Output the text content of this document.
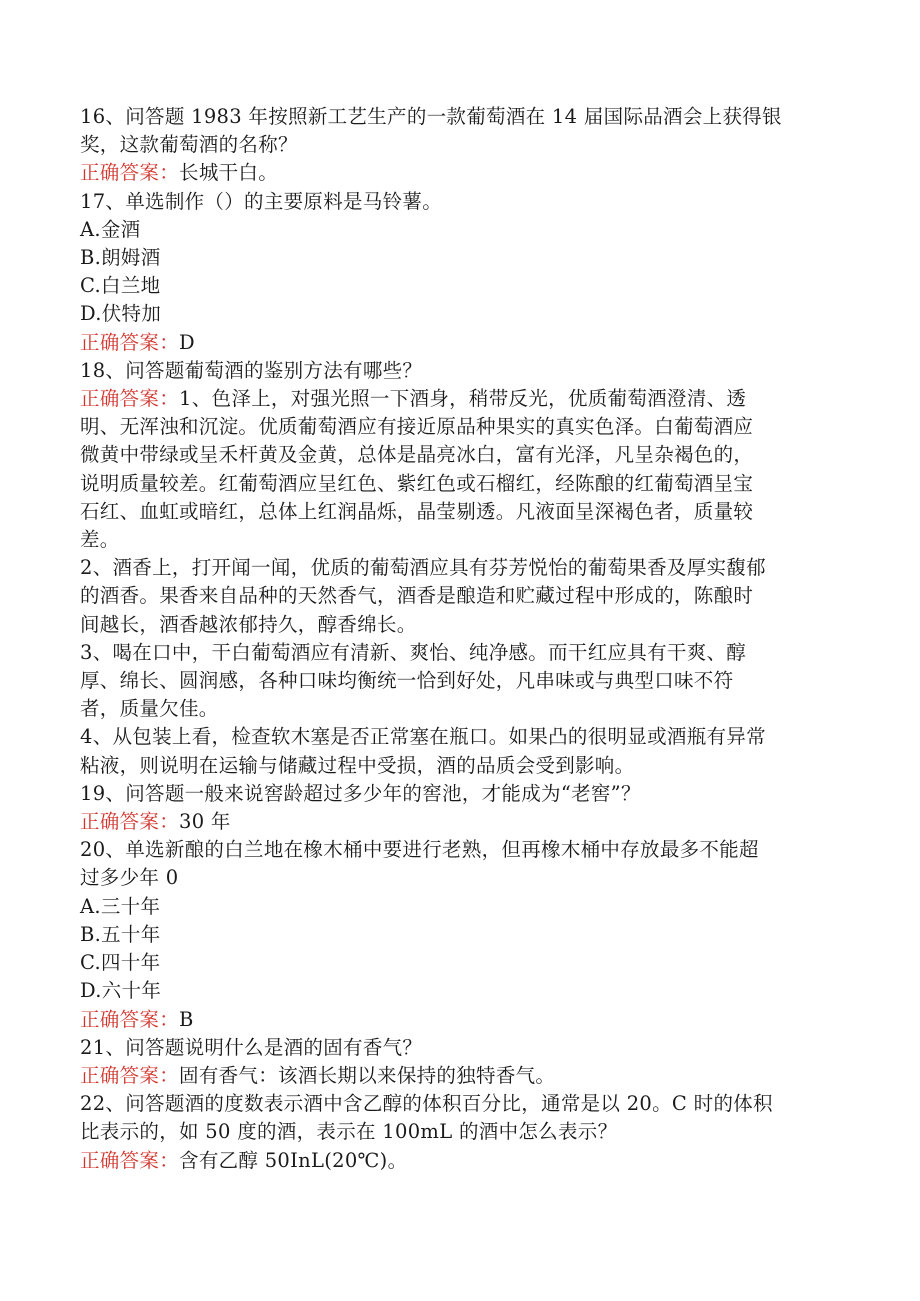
16、问答题 1983 年按照新工艺生产的一款葡萄酒在 14 届国际品酒会上获得银
奖，这款葡萄酒的名称？
正确答案：长城干白。
17、单选制作（）的主要原料是马铃薯。
A.金酒
B.朗姆酒
C.白兰地
D.伏特加
正确答案：D
18、问答题葡萄酒的鉴别方法有哪些？
正确答案：1、色泽上，对强光照一下酒身，稍带反光，优质葡萄酒澄清、透
明、无浑浊和沉淀。优质葡萄酒应有接近原品种果实的真实色泽。白葡萄酒应
微黄中带绿或呈禾杆黄及金黄，总体是晶亮冰白，富有光泽，凡呈杂褐色的，
说明质量较差。红葡萄酒应呈红色、紫红色或石榴红，经陈酿的红葡萄酒呈宝
石红、血虹或暗红，总体上红润晶烁，晶莹剔透。凡液面呈深褐色者，质量较
差。
2、酒香上，打开闻一闻，优质的葡萄酒应具有芬芳悦怡的葡萄果香及厚实馥郁
的酒香。果香来自品种的天然香气，酒香是酿造和贮藏过程中形成的，陈酿时
间越长，酒香越浓郁持久，醇香绵长。
3、喝在口中，干白葡萄酒应有清新、爽怡、纯净感。而干红应具有干爽、醇
厚、绵长、圆润感，各种口味均衡统一恰到好处，凡串味或与典型口味不符
者，质量欠佳。
4、从包装上看，检查软木塞是否正常塞在瓶口。如果凸的很明显或酒瓶有异常
粘液，则说明在运输与储藏过程中受损，酒的品质会受到影响。
19、问答题一般来说窖龄超过多少年的窖池，才能成为“老窖”？
正确答案：30 年
20、单选新酿的白兰地在橡木桶中要进行老熟，但再橡木桶中存放最多不能超
过多少年 0
A.三十年
B.五十年
C.四十年
D.六十年
正确答案：B
21、问答题说明什么是酒的固有香气？
正确答案：固有香气：该酒长期以来保持的独特香气。
22、问答题酒的度数表示酒中含乙醇的体积百分比，通常是以 20。C 时的体积
比表示的，如 50 度的酒，表示在 100mL 的酒中怎么表示？
正确答案：含有乙醇 50InL(20℃)。
